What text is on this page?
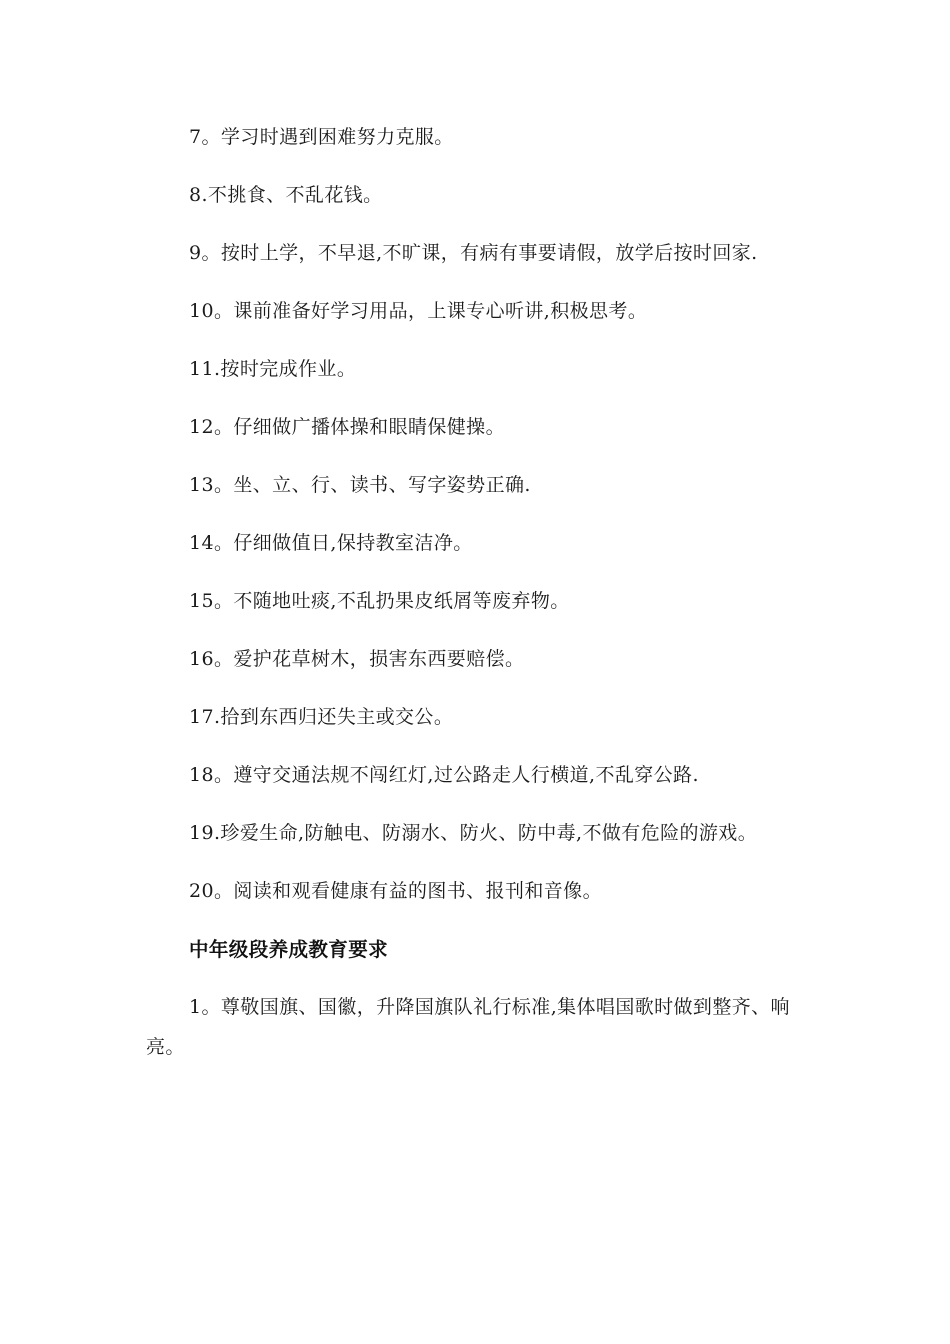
7。学习时遇到困难努力克服。

8.不挑食、不乱花钱。

9。按时上学，不早退,不旷课，有病有事要请假，放学后按时回家.

10。课前准备好学习用品，上课专心听讲,积极思考。

11.按时完成作业。

12。仔细做广播体操和眼睛保健操。

13。坐、立、行、读书、写字姿势正确.

14。仔细做值日,保持教室洁净。

15。不随地吐痰,不乱扔果皮纸屑等废弃物。

16。爱护花草树木，损害东西要赔偿。

17.拾到东西归还失主或交公。

18。遵守交通法规不闯红灯,过公路走人行横道,不乱穿公路.

19.珍爱生命,防触电、防溺水、防火、防中毒,不做有危险的游戏。

20。阅读和观看健康有益的图书、报刊和音像。

中年级段养成教育要求

1。尊敬国旗、国徽，升降国旗队礼行标准,集体唱国歌时做到整齐、响亮。
